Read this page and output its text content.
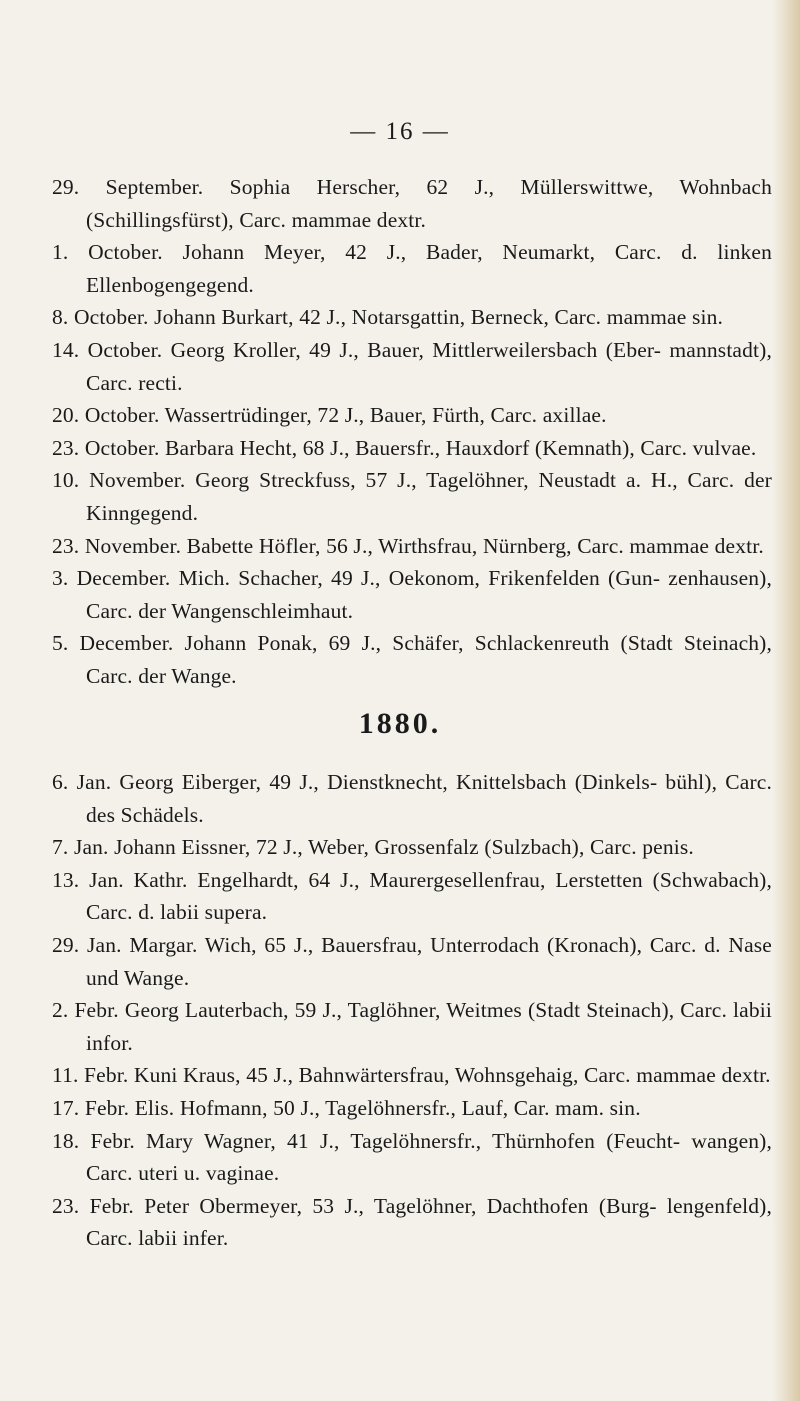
— 16 —
29. September. Sophia Herscher, 62 J., Müllerswittwe, Wohnbach (Schillingsfürst), Carc. mammae dextr.
1. October. Johann Meyer, 42 J., Bader, Neumarkt, Carc. d. linken Ellenbogengegend.
8. October. Johann Burkart, 42 J., Notarsgattin, Berneck, Carc. mammae sin.
14. October. Georg Kroller, 49 J., Bauer, Mittlerweilersbach (Eber- mannstadt), Carc. recti.
20. October. Wassertrüdinger, 72 J., Bauer, Fürth, Carc. axillae.
23. October. Barbara Hecht, 68 J., Bauersfr., Hauxdorf (Kemnath), Carc. vulvae.
10. November. Georg Streckfuss, 57 J., Tagelöhner, Neustadt a. H., Carc. der Kinngegend.
23. November. Babette Höfler, 56 J., Wirthsfrau, Nürnberg, Carc. mammae dextr.
3. December. Mich. Schacher, 49 J., Oekonom, Frikenfelden (Gun- zenhausen), Carc. der Wangenschleimhaut.
5. December. Johann Ponak, 69 J., Schäfer, Schlackenreuth (Stadt Steinach), Carc. der Wange.
1880.
6. Jan. Georg Eiberger, 49 J., Dienstknecht, Knittelsbach (Dinkels- bühl), Carc. des Schädels.
7. Jan. Johann Eissner, 72 J., Weber, Grossenfalz (Sulzbach), Carc. penis.
13. Jan. Kathr. Engelhardt, 64 J., Maurergesellenfrau, Lerstetten (Schwabach), Carc. d. labii supera.
29. Jan. Margar. Wich, 65 J., Bauersfrau, Unterrodach (Kronach), Carc. d. Nase und Wange.
2. Febr. Georg Lauterbach, 59 J., Taglöhner, Weitmes (Stadt Steinach), Carc. labii infor.
11. Febr. Kuni Kraus, 45 J., Bahnwärtersfrau, Wohnsgehaig, Carc. mammae dextr.
17. Febr. Elis. Hofmann, 50 J., Tagelöhnersfr., Lauf, Car. mam. sin.
18. Febr. Mary Wagner, 41 J., Tagelöhnersfr., Thürnhofen (Feucht- wangen), Carc. uteri u. vaginae.
23. Febr. Peter Obermeyer, 53 J., Tagelöhner, Dachthofen (Burg- lengenfeld), Carc. labii infer.
